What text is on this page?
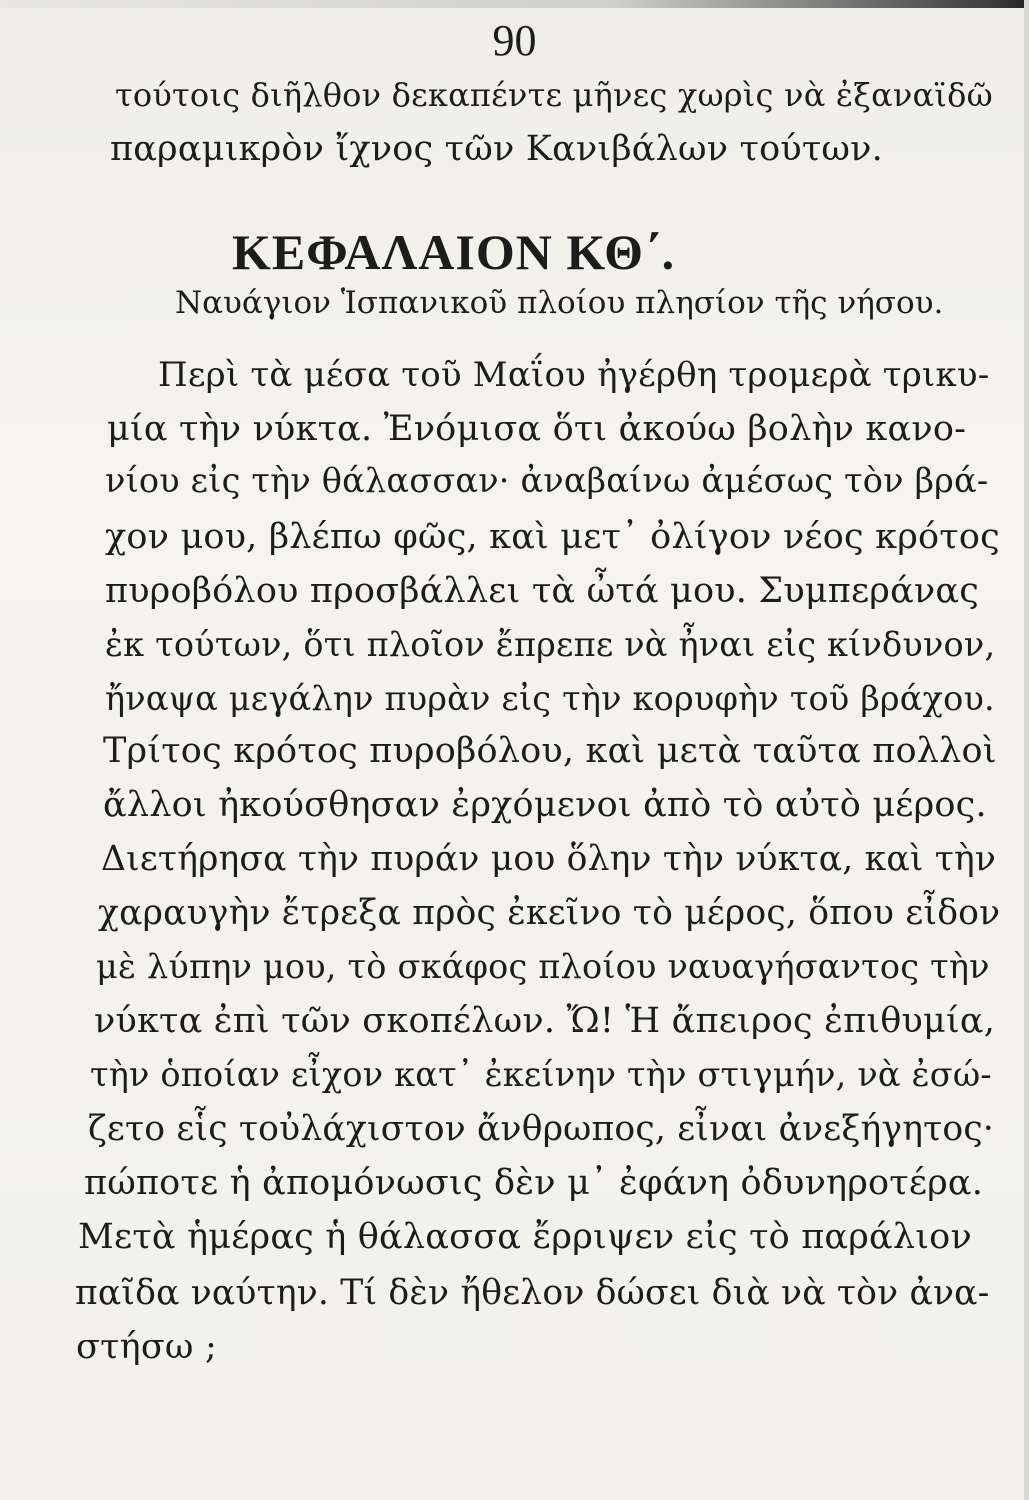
90
τούτοις διῆλθον δεκαπέντε μῆνες χωρὶς νὰ ἐξαναϊδῶ
παραμικρὸν ἴχνος τῶν Κανιβάλων τούτων.
ΚΕΦΑΛΑΙΟΝ ΚΘ΄.
Ναυάγιον Ἱσπανικοῦ πλοίου πλησίον τῆς νήσου.
Περὶ τὰ μέσα τοῦ Μαΐου ἠγέρθη τρομερὰ τρικυ-
μία τὴν νύκτα. Ἐνόμισα ὅτι ἀκούω βολὴν κανο-
νίου εἰς τὴν θάλασσαν· ἀναβαίνω ἀμέσως τὸν βρά-
χον μου, βλέπω φῶς, καὶ μετ᾿ ὀλίγον νέος κρότος
πυροβόλου προσβάλλει τὰ ὦτά μου. Συμπεράνας
ἐκ τούτων, ὅτι πλοῖον ἔπρεπε νὰ ἦναι εἰς κίνδυνον,
ἤναψα μεγάλην πυρὰν εἰς τὴν κορυφὴν τοῦ βράχου.
Τρίτος κρότος πυροβόλου, καὶ μετὰ ταῦτα πολλοὶ
ἄλλοι ἠκούσθησαν ἐρχόμενοι ἀπὸ τὸ αὐτὸ μέρος.
Διετήρησα τὴν πυράν μου ὅλην τὴν νύκτα, καὶ τὴν
χαραυγὴν ἔτρεξα πρὸς ἐκεῖνο τὸ μέρος, ὅπου εἶδον
μὲ λύπην μου, τὸ σκάφος πλοίου ναυαγήσαντος τὴν
νύκτα ἐπὶ τῶν σκοπέλων. Ὤ! Ἡ ἄπειρος ἐπιθυμία,
τὴν ὁποίαν εἶχον κατ᾿ ἐκείνην τὴν στιγμήν, νὰ ἐσώ-
ζετο εἷς τοὐλάχιστον ἄνθρωπος, εἶναι ἀνεξήγητος·
πώποτε ἡ ἀπομόνωσις δὲν μ᾿ ἐφάνη ὀδυνηροτέρα.
Μετὰ ἡμέρας ἡ θάλασσα ἔρριψεν εἰς τὸ παράλιον
παῖδα ναύτην. Τί δὲν ἤθελον δώσει διὰ νὰ τὸν ἀνα-
στήσω ;
